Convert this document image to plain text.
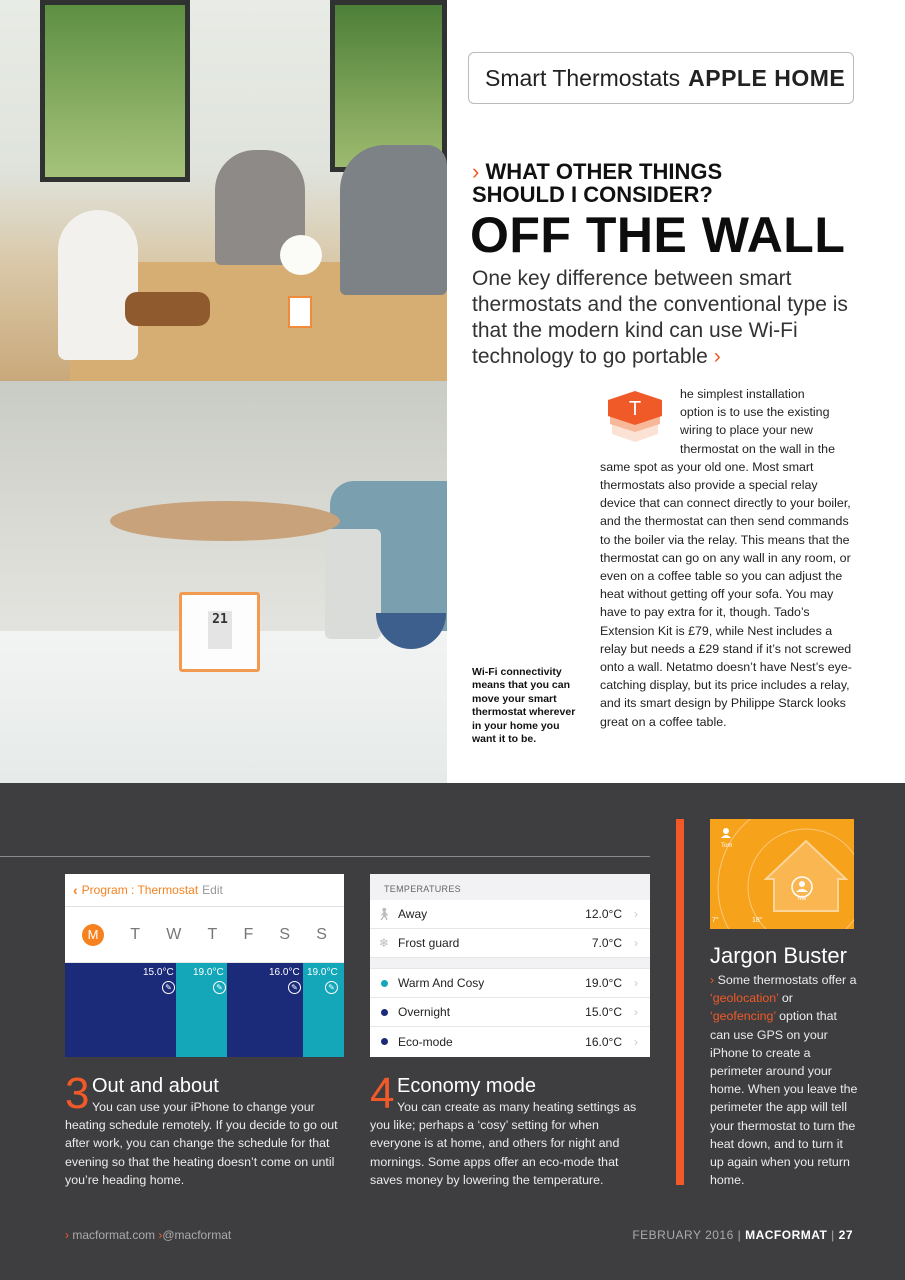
21
Smart Thermostats APPLE HOME
› WHAT OTHER THINGS
SHOULD I CONSIDER?
OFF THE WALL
One key difference between smart thermostats and the conventional type is that the modern kind can use Wi-Fi technology to go portable ›
T
he simplest installation
option is to use the existing
wiring to place your new
thermostat on the wall in the
same spot as your old one. Most smart thermostats also provide a special relay device that can connect directly to your boiler, and the thermostat can then send commands to the boiler via the relay. This means that the thermostat can go on any wall in any room, or even on a coffee table so you can adjust the heat without getting off your sofa. You may have to pay extra for it, though. Tado’s Extension Kit is £79, while Nest includes a relay but needs a £29 stand if it’s not screwed onto a wall. Netatmo doesn’t have Nest’s eye-catching display, but its price includes a relay, and its smart design by Philippe Starck looks great on a coffee table.
Wi-Fi connectivity means that you can move your smart thermostat wherever in your home you want it to be.
‹ Program : Thermostat Edit
M	T W T F S S
15.0°C 19.0°C	16.0°C 19.0°C
✎	✎	✎	✎
TEMPERATURES
🚶︎ Away	12.0°C	›
❄︎ Frost guard	7.0°C	›
Warm And Cosy	19.0°C	›
Overnight	15.0°C	›
Eco-mode	16.0°C	›
3 Out and about

You can use your iPhone to change your heating schedule remotely. If you decide to go out after work, you can change the schedule for that evening so that the heating doesn’t come on until you’re heading home.

4 Economy mode

You can create as many heating settings as you like; perhaps a ‘cosy’ setting for when everyone is at home, and others for night and mornings. Some apps offer an eco-mode that saves money by lowering the temperature.

Tom
Me
7°	18°
Jargon Buster
› Some thermostats offer a ‘geolocation’ or ‘geofencing’ option that can use GPS on your iPhone to create a perimeter around your home. When you leave the perimeter the app will tell your thermostat to turn the heat down, and to turn it up again when you return home.
› macformat.com ›@macformat	FEBRUARY 2016 | MACFORMAT | 27
